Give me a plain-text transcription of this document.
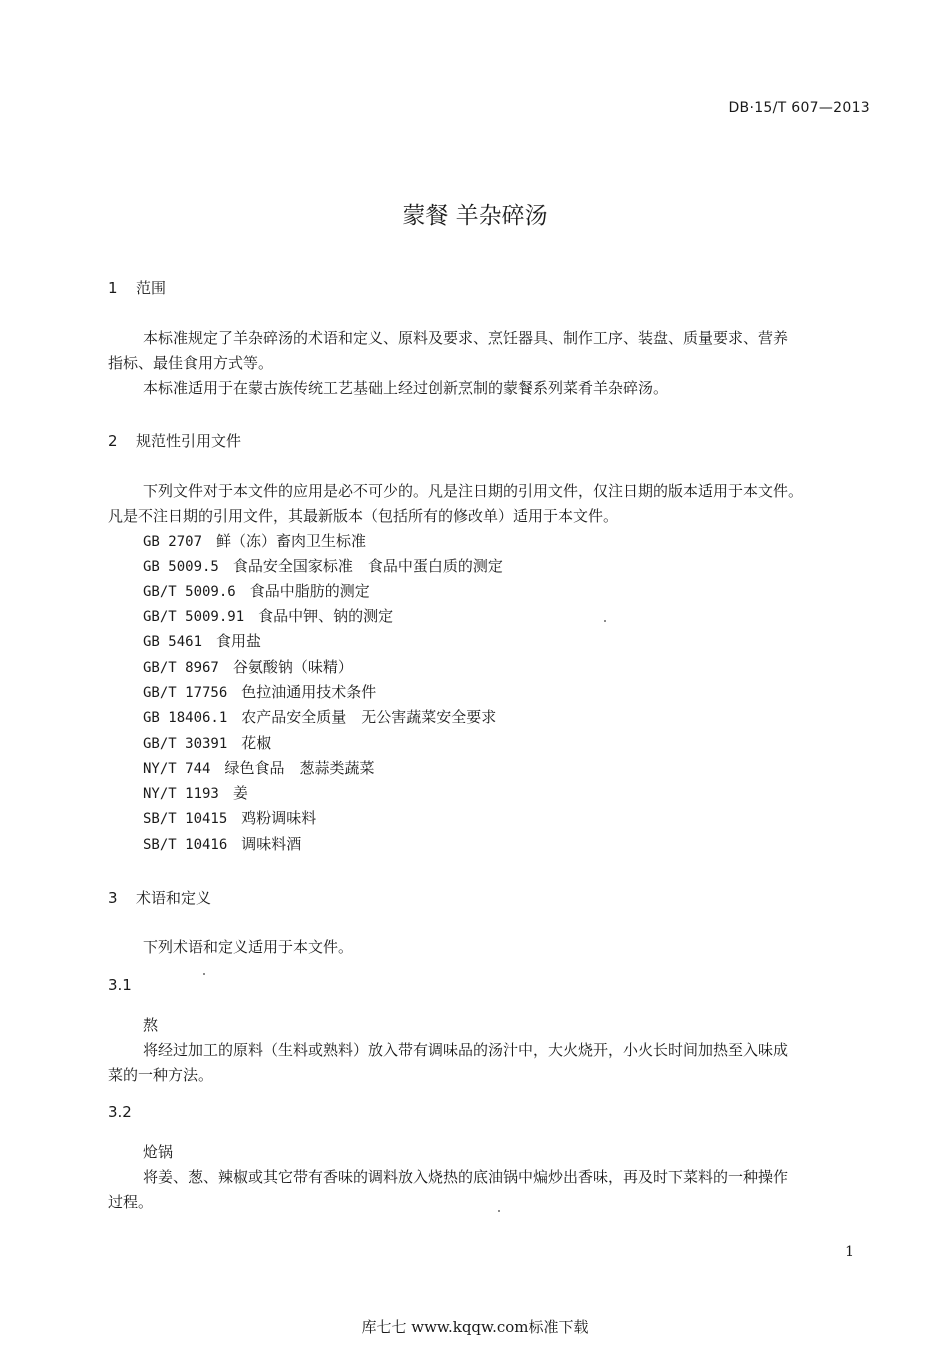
DB·15/T 607—2013
蒙餐 羊杂碎汤
1 范围
本标准规定了羊杂碎汤的术语和定义、原料及要求、烹饪器具、制作工序、装盘、质量要求、营养
指标、最佳食用方式等。
本标准适用于在蒙古族传统工艺基础上经过创新烹制的蒙餐系列菜肴羊杂碎汤。
2 规范性引用文件
下列文件对于本文件的应用是必不可少的。凡是注日期的引用文件，仅注日期的版本适用于本文件。
凡是不注日期的引用文件，其最新版本（包括所有的修改单）适用于本文件。
GB 2707 鲜（冻）畜肉卫生标准
GB 5009.5 食品安全国家标准　食品中蛋白质的测定
GB/T 5009.6 食品中脂肪的测定
GB/T 5009.91 食品中钾、钠的测定
GB 5461 食用盐
GB/T 8967 谷氨酸钠（味精）
GB/T 17756 色拉油通用技术条件
GB 18406.1 农产品安全质量　无公害蔬菜安全要求
GB/T 30391 花椒
NY/T 744 绿色食品　葱蒜类蔬菜
NY/T 1193 姜
SB/T 10415 鸡粉调味料
SB/T 10416 调味料酒
3 术语和定义
下列术语和定义适用于本文件。
3.1
熬
将经过加工的原料（生料或熟料）放入带有调味品的汤汁中，大火烧开，小火长时间加热至入味成
菜的一种方法。
3.2
炝锅
将姜、葱、辣椒或其它带有香味的调料放入烧热的底油锅中煸炒出香味，再及时下菜料的一种操作
过程。
1
库七七 www.kqqw.com标准下载
